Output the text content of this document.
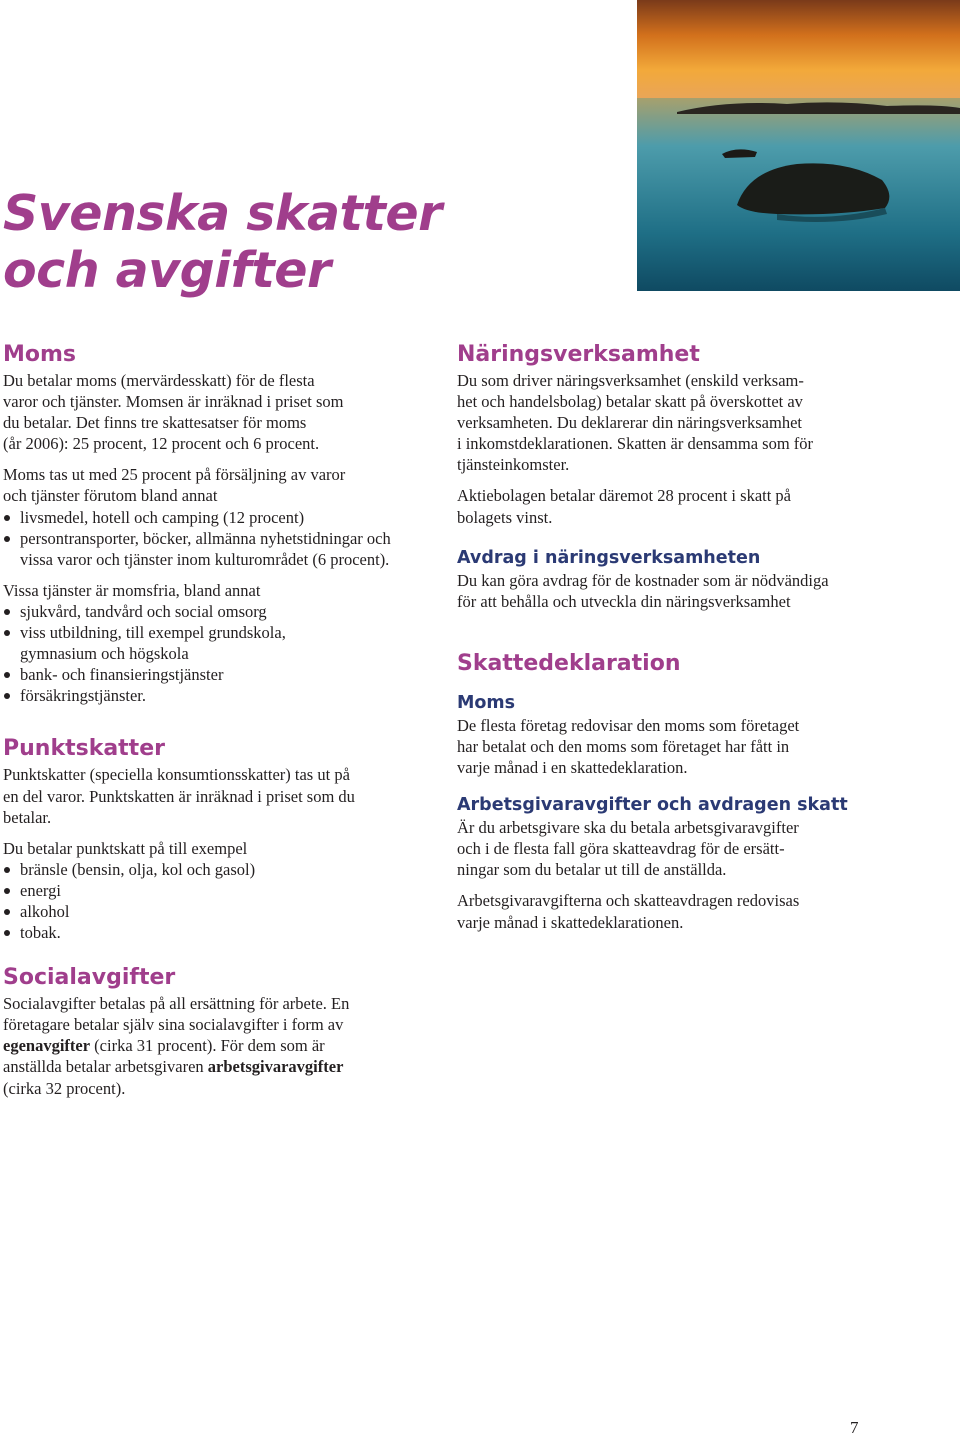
Svenska skatter
och avgifter
Moms

Du betalar moms (mervärdesskatt) för de flesta
varor och tjänster. Momsen är inräknad i priset som
du betalar. Det finns tre skattesatser för moms
(år 2006): 25 procent, 12 procent och 6 procent.

Moms tas ut med 25 procent på försäljning av varor
och tjänster förutom bland annat

livsmedel, hotell och camping (12 procent)
persontransporter, böcker, allmänna nyhetstidningar och vissa varor och tjänster inom kulturområdet (6 procent).

Vissa tjänster är momsfria, bland annat

sjukvård, tandvård och social omsorg
viss utbildning, till exempel grundskola, gymnasium och högskola
bank- och finansieringstjänster
försäkringstjänster.
Punktskatter

Punktskatter (speciella konsumtionsskatter) tas ut på
en del varor. Punktskatten är inräknad i priset som du
betalar.

Du betalar punktskatt på till exempel

bränsle (bensin, olja, kol och gasol)
energi
alkohol
tobak.
Socialavgifter

Socialavgifter betalas på all ersättning för arbete. En
företagare betalar själv sina socialavgifter i form av
egenavgifter (cirka 31 procent). För dem som är
anställda betalar arbetsgivaren arbetsgivaravgifter
(cirka 32 procent).

Näringsverksamhet

Du som driver näringsverksamhet (enskild verksam-
het och handelsbolag) betalar skatt på överskottet av
verksamheten. Du deklarerar din näringsverksamhet
i inkomstdeklarationen. Skatten är densamma som för
tjänsteinkomster.

Aktiebolagen betalar däremot 28 procent i skatt på
bolagets vinst.

Avdrag i näringsverksamheten

Du kan göra avdrag för de kostnader som är nödvändiga
för att behålla och utveckla din näringsverksamhet

Skattedeklaration
Moms

De flesta företag redovisar den moms som företaget
har betalat och den moms som företaget har fått in
varje månad i en skattedeklaration.

Arbetsgivaravgifter och avdragen skatt

Är du arbetsgivare ska du betala arbetsgivaravgifter
och i de flesta fall göra skatteavdrag för de ersätt-
ningar som du betalar ut till de anställda.

Arbetsgivaravgifterna och skatteavdragen redovisas
varje månad i skattedeklarationen.

7
